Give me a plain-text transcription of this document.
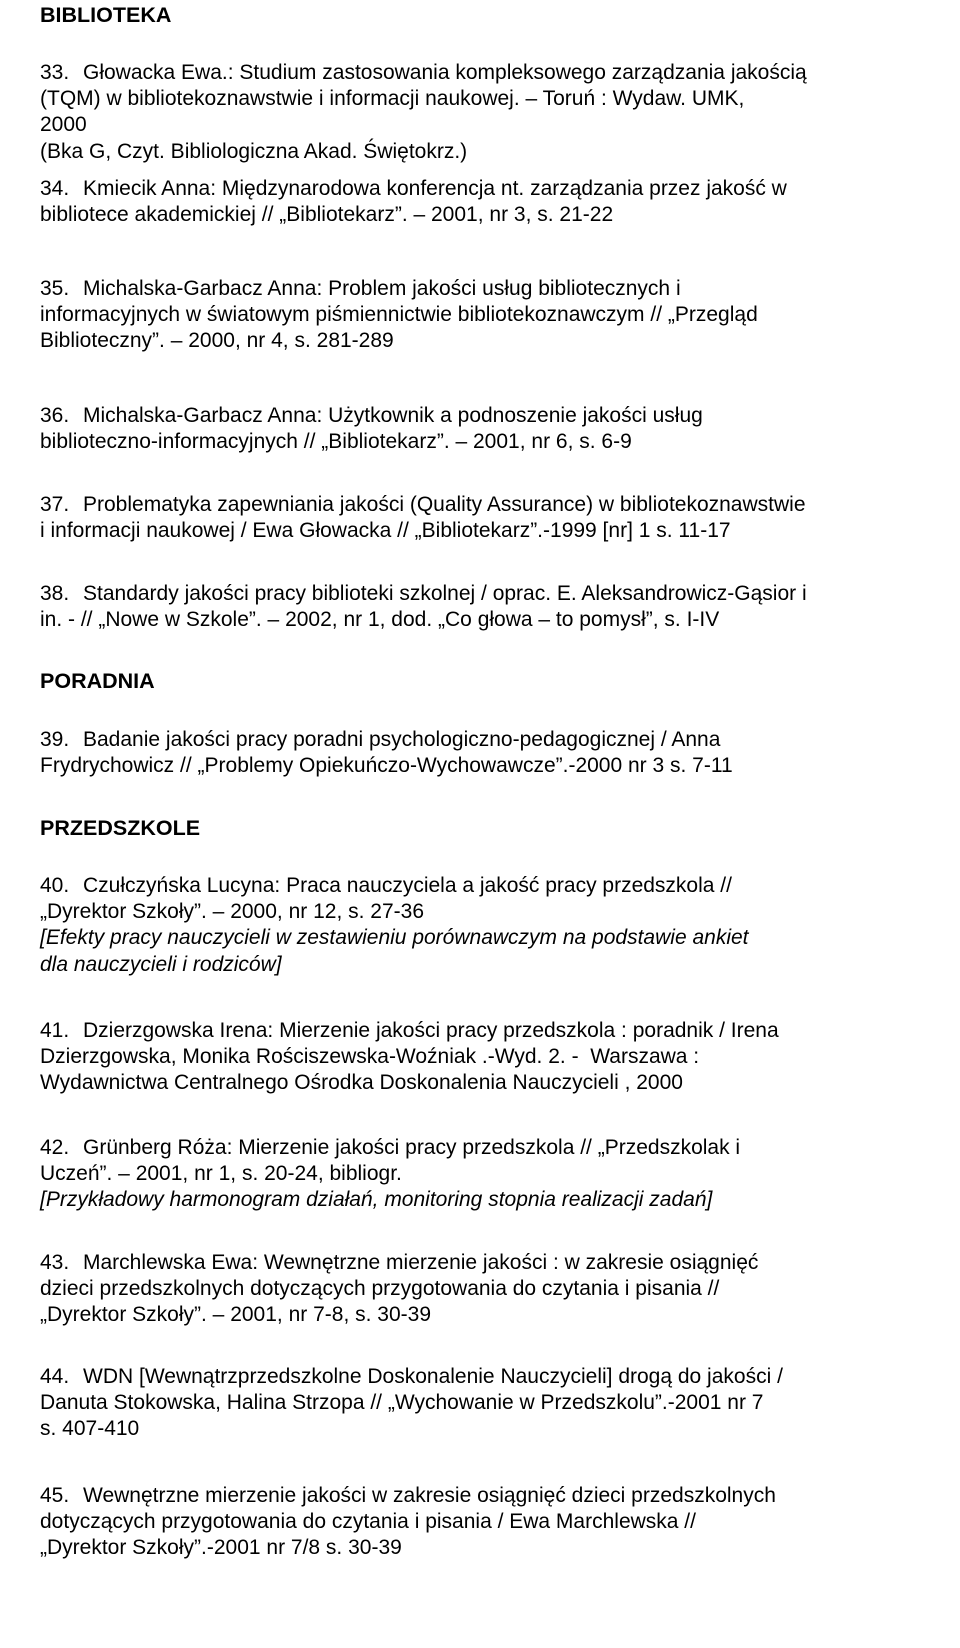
BIBLIOTEKA
33. Głowacka Ewa.: Studium zastosowania kompleksowego zarządzania jakością
(TQM) w bibliotekoznawstwie i informacji naukowej. – Toruń : Wydaw. UMK,
2000
(Bka G, Czyt. Bibliologiczna Akad. Świętokrz.)
34. Kmiecik Anna: Międzynarodowa konferencja nt. zarządzania przez jakość w
bibliotece akademickiej // „Bibliotekarz”. – 2001, nr 3, s. 21-22
35. Michalska-Garbacz Anna: Problem jakości usług bibliotecznych i
informacyjnych w światowym piśmiennictwie bibliotekoznawczym // „Przegląd
Biblioteczny”. – 2000, nr 4, s. 281-289
36. Michalska-Garbacz Anna: Użytkownik a podnoszenie jakości usług
biblioteczno-informacyjnych // „Bibliotekarz”. – 2001, nr 6, s. 6-9
37. Problematyka zapewniania jakości (Quality Assurance) w bibliotekoznawstwie
i informacji naukowej / Ewa Głowacka // „Bibliotekarz”.-1999 [nr] 1 s. 11-17
38. Standardy jakości pracy biblioteki szkolnej / oprac. E. Aleksandrowicz-Gąsior i
in. - // „Nowe w Szkole”. – 2002, nr 1, dod. „Co głowa – to pomysł”, s. I-IV
PORADNIA
39. Badanie jakości pracy poradni psychologiczno-pedagogicznej / Anna
Frydrychowicz // „Problemy Opiekuńczo-Wychowawcze”.-2000 nr 3 s. 7-11
PRZEDSZKOLE
40. Czułczyńska Lucyna: Praca nauczyciela a jakość pracy przedszkola //
„Dyrektor Szkoły”. – 2000, nr 12, s. 27-36
[Efekty pracy nauczycieli w zestawieniu porównawczym na podstawie ankiet
dla nauczycieli i rodziców]
41. Dzierzgowska Irena: Mierzenie jakości pracy przedszkola : poradnik / Irena
Dzierzgowska, Monika Rościszewska-Woźniak .-Wyd. 2. -  Warszawa :
Wydawnictwa Centralnego Ośrodka Doskonalenia Nauczycieli , 2000
42. Grünberg Róża: Mierzenie jakości pracy przedszkola // „Przedszkolak i
Uczeń”. – 2001, nr 1, s. 20-24, bibliogr.
[Przykładowy harmonogram działań, monitoring stopnia realizacji zadań]
43. Marchlewska Ewa: Wewnętrzne mierzenie jakości : w zakresie osiągnięć
dzieci przedszkolnych dotyczących przygotowania do czytania i pisania //
„Dyrektor Szkoły”. – 2001, nr 7-8, s. 30-39
44. WDN [Wewnątrzprzedszkolne Doskonalenie Nauczycieli] drogą do jakości /
Danuta Stokowska, Halina Strzopa // „Wychowanie w Przedszkolu”.-2001 nr 7
s. 407-410
45. Wewnętrzne mierzenie jakości w zakresie osiągnięć dzieci przedszkolnych
dotyczących przygotowania do czytania i pisania / Ewa Marchlewska //
„Dyrektor Szkoły”.-2001 nr 7/8 s. 30-39
